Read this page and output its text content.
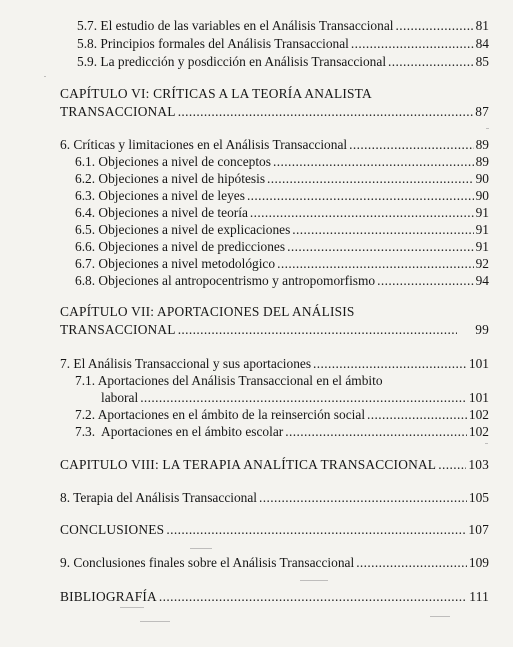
5.7. El estudio de las variables en el Análisis Transaccional .....	81
5.8. Principios formales del Análisis Transaccional .....	84
5.9. La predicción y posdicción en Análisis Transaccional .....	85
CAPÍTULO VI: CRÍTICAS A LA TEORÍA ANALISTA
TRANSACCIONAL .....	87
6. Críticas y limitaciones en el Análisis Transaccional .....	89
6.1. Objeciones a nivel de conceptos .....	89
6.2. Objeciones a nivel de hipótesis .....	90
6.3. Objeciones a nivel de leyes .....	90
6.4. Objeciones a nivel de teoría .....	91
6.5. Objeciones a nivel de explicaciones .....	91
6.6. Objeciones a nivel de predicciones .....	91
6.7. Objeciones a nivel metodológico .....	92
6.8. Objeciones al antropocentrismo y antropomorfismo .....	94
CAPÍTULO VII: APORTACIONES DEL ANÁLISIS
TRANSACCIONAL .....	99
7. El Análisis Transaccional y sus aportaciones .....	101
7.1. Aportaciones del Análisis Transaccional en el ámbito
laboral .....	101
7.2. Aportaciones en el ámbito de la reinserción social .....	102
7.3.  Aportaciones en el ámbito escolar .....	102
CAPITULO VIII: LA TERAPIA ANALÍTICA TRANSACCIONAL ..... 103
8. Terapia del Análisis Transaccional .....	105
CONCLUSIONES .....	107
9. Conclusiones finales sobre el Análisis Transaccional .....	109
BIBLIOGRAFÍA .....	111
